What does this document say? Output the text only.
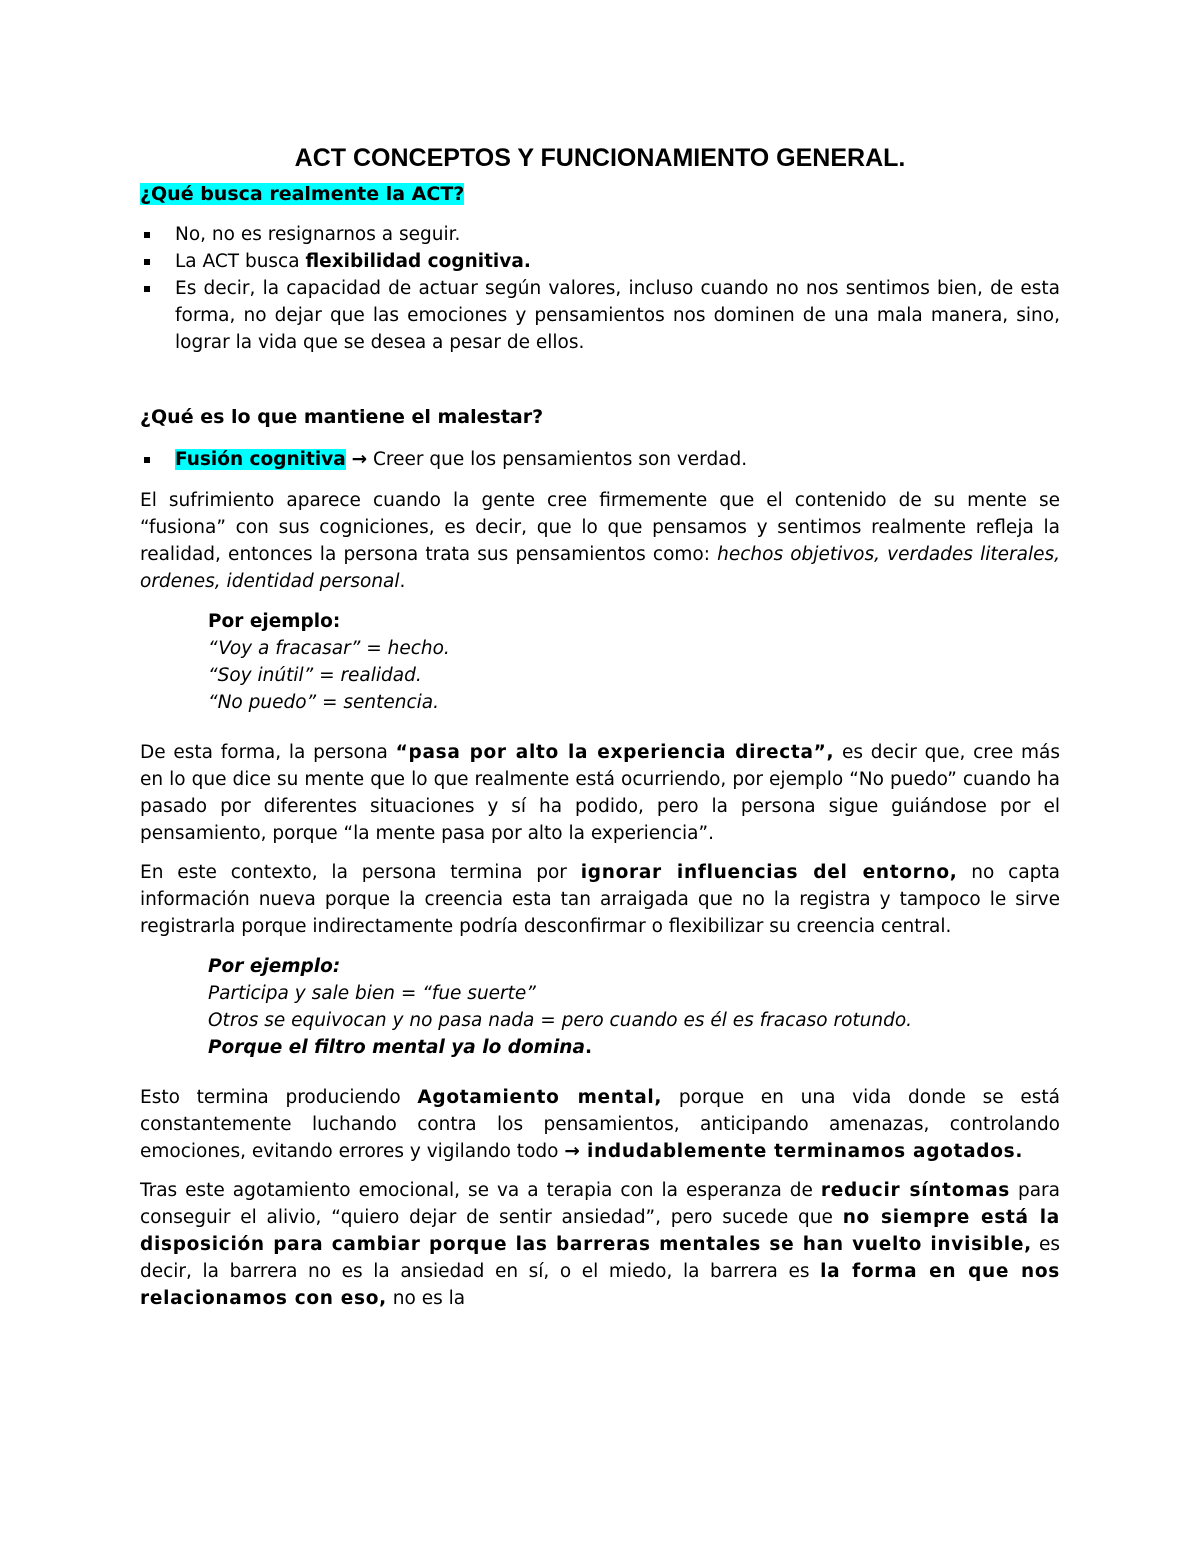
ACT CONCEPTOS Y FUNCIONAMIENTO GENERAL.

¿Qué busca realmente la ACT?

No, no es resignarnos a seguir.
La ACT busca flexibilidad cognitiva.
Es decir, la capacidad de actuar según valores, incluso cuando no nos sentimos bien, de esta forma, no dejar que las emociones y pensamientos nos dominen de una mala manera, sino, lograr la vida que se desea a pesar de ellos.

¿Qué es lo que mantiene el malestar?

Fusión cognitiva → Creer que los pensamientos son verdad.

El sufrimiento aparece cuando la gente cree firmemente que el contenido de su mente se “fusiona” con sus cogniciones, es decir, que lo que pensamos y sentimos realmente refleja la realidad, entonces la persona trata sus pensamientos como: hechos objetivos, verdades literales, ordenes, identidad personal.

Por ejemplo:
“Voy a fracasar” = hecho.
“Soy inútil” = realidad.
“No puedo” = sentencia.

De esta forma, la persona “pasa por alto la experiencia directa”, es decir que, cree más en lo que dice su mente que lo que realmente está ocurriendo, por ejemplo “No puedo” cuando ha pasado por diferentes situaciones y sí ha podido, pero la persona sigue guiándose por el pensamiento, porque “la mente pasa por alto la experiencia”.

En este contexto, la persona termina por ignorar influencias del entorno, no capta información nueva porque la creencia esta tan arraigada que no la registra y tampoco le sirve registrarla porque indirectamente podría desconfirmar o flexibilizar su creencia central.

Por ejemplo:
Participa y sale bien = “fue suerte”
Otros se equivocan y no pasa nada = pero cuando es él es fracaso rotundo.
Porque el filtro mental ya lo domina.

Esto termina produciendo Agotamiento mental, porque en una vida donde se está constantemente luchando contra los pensamientos, anticipando amenazas, controlando emociones, evitando errores y vigilando todo → indudablemente terminamos agotados.

Tras este agotamiento emocional, se va a terapia con la esperanza de reducir síntomas para conseguir el alivio, “quiero dejar de sentir ansiedad”, pero sucede que no siempre está la disposición para cambiar porque las barreras mentales se han vuelto invisible, es decir, la barrera no es la ansiedad en sí, o el miedo, la barrera es la forma en que nos relacionamos con eso, no es la
